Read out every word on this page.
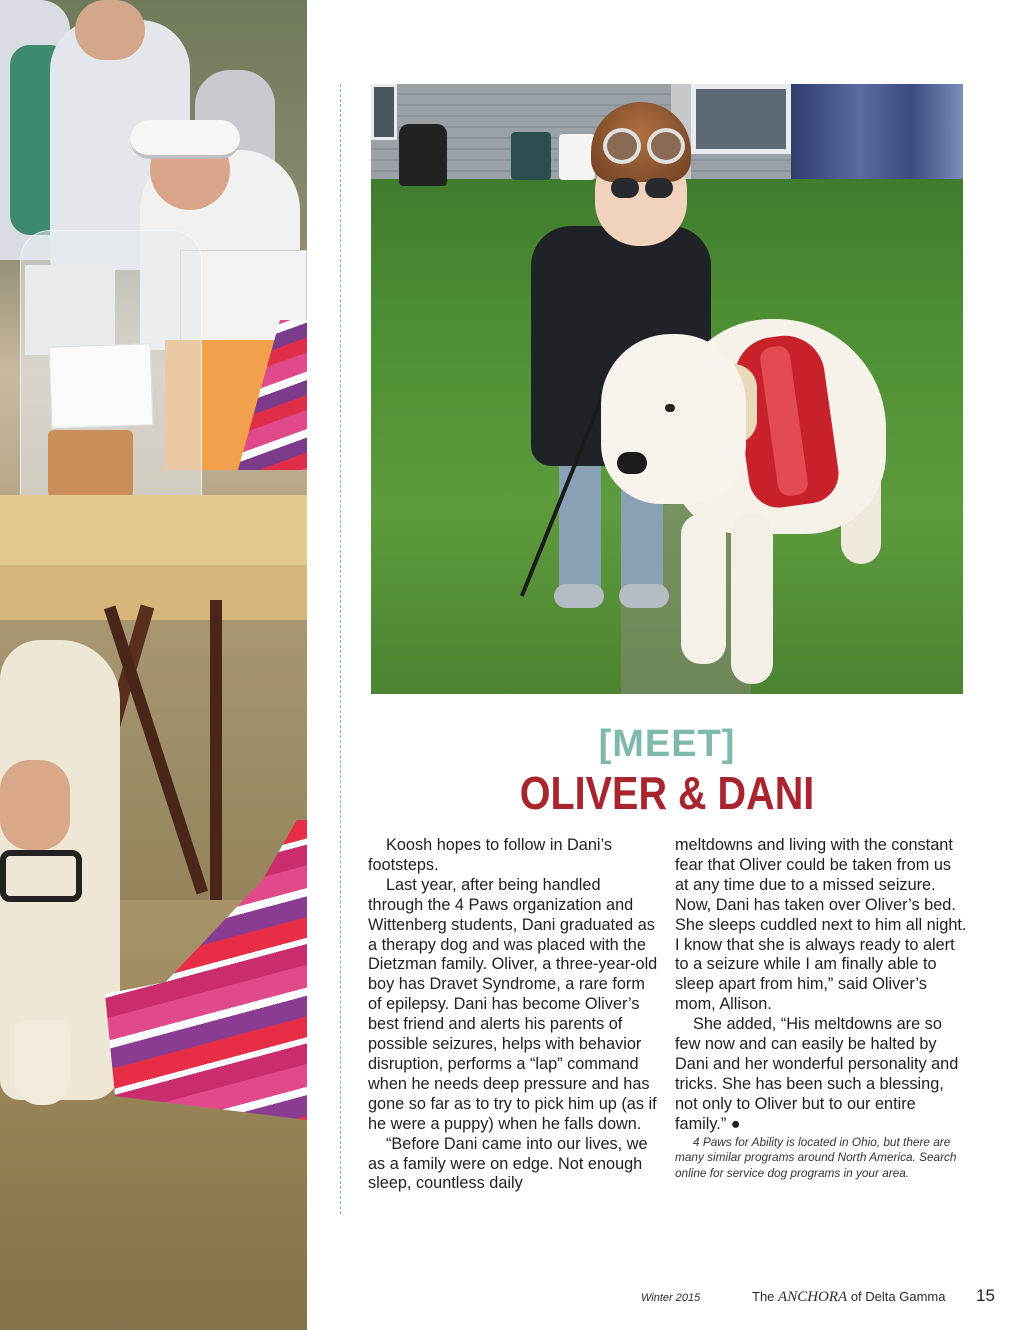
[MEET]
OLIVER & DANI

Koosh hopes to follow in Dani’s footsteps.

Last year, after being handled through the 4 Paws organization and Wittenberg students, Dani graduated as a therapy dog and was placed with the Dietzman family. Oliver, a three-year-old boy has Dravet Syndrome, a rare form of epilepsy. Dani has become Oliver’s best friend and alerts his parents of possible seizures, helps with behavior disruption, performs a “lap” command when he needs deep pressure and has gone so far as to try to pick him up (as if he were a puppy) when he falls down.

“Before Dani came into our lives, we as a family were on edge. Not enough sleep, countless daily

meltdowns and living with the constant fear that Oliver could be taken from us at any time due to a missed seizure. Now, Dani has taken over Oliver’s bed. She sleeps cuddled next to him all night. I know that she is always ready to alert to a seizure while I am finally able to sleep apart from him,” said Oliver’s mom, Allison.

She added, “His meltdowns are so few now and can easily be halted by Dani and her wonderful personality and tricks. She has been such a blessing, not only to Oliver but to our entire family.” ●

4 Paws for Ability is located in Ohio, but there are many similar programs around North America. Search online for service dog programs in your area.

Winter 2015	The ANCHORA of Delta Gamma 15
